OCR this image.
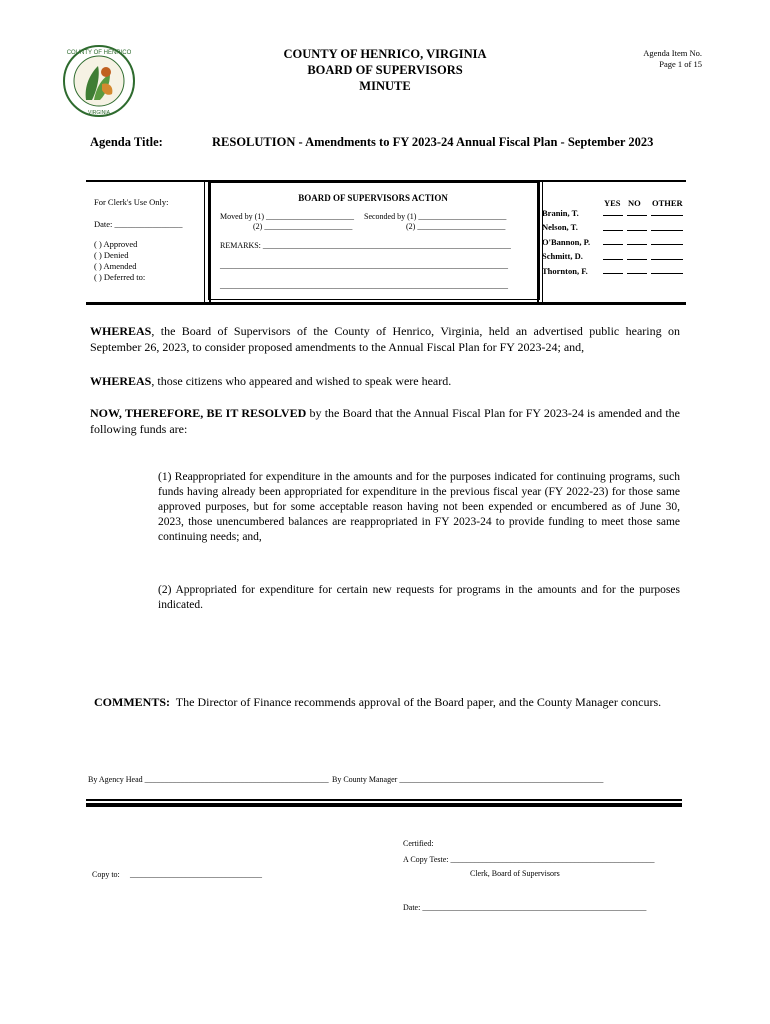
COUNTY OF HENRICO
VIRGINIA
COUNTY OF HENRICO, VIRGINIA
BOARD OF SUPERVISORS
MINUTE
Agenda Item No.
Page 1 of 15
Agenda Title:	RESOLUTION - Amendments to FY 2023-24 Annual Fiscal Plan - September 2023
For Clerk's Use Only:
Date: ________________
( ) Approved
( ) Denied
( ) Amended
( ) Deferred to:
BOARD OF SUPERVISORS ACTION
Moved by (1) ______________________
(2) ______________________
Seconded by (1) ______________________
(2) ______________________
REMARKS: ______________________________________________________________
________________________________________________________________________
________________________________________________________________________
YES NO OTHER
Branin, T.
Nelson, T.
O'Bannon, P.
Schmitt, D.
Thornton, F.
WHEREAS, the Board of Supervisors of the County of Henrico, Virginia, held an advertised public hearing on September 26, 2023, to consider proposed amendments to the Annual Fiscal Plan for FY 2023-24; and,
WHEREAS, those citizens who appeared and wished to speak were heard.
NOW, THEREFORE, BE IT RESOLVED by the Board that the Annual Fiscal Plan for FY 2023-24 is amended and the following funds are:
(1) Reappropriated for expenditure in the amounts and for the purposes indicated for continuing programs, such funds having already been appropriated for expenditure in the previous fiscal year (FY 2022-23) for those same approved purposes, but for some acceptable reason having not been expended or encumbered as of June 30, 2023, those unencumbered balances are reappropriated in FY 2023-24 to provide funding to meet those same continuing needs; and,
(2) Appropriated for expenditure for certain new requests for programs in the amounts and for the purposes indicated.
COMMENTS: The Director of Finance recommends approval of the Board paper, and the County Manager concurs.
By Agency Head ______________________________________________ By County Manager ___________________________________________________
Certified:
A Copy Teste: ___________________________________________________
Clerk, Board of Supervisors
Copy to: _________________________________
Date: ________________________________________________________
